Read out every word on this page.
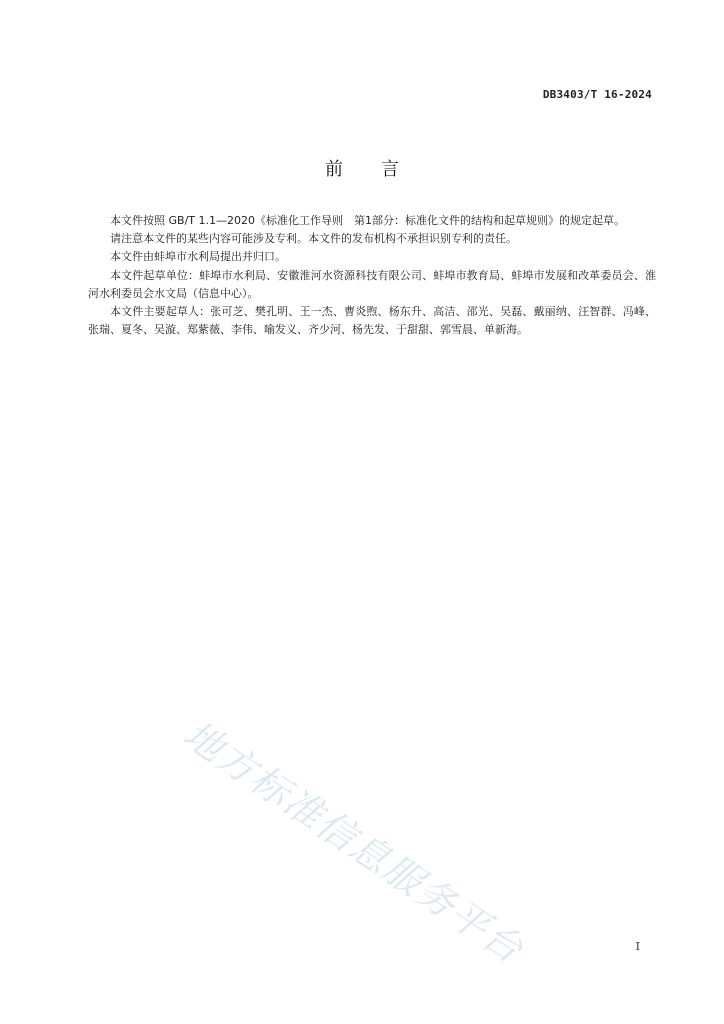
DB3403/T 16-2024
前言

本文件按照 GB/T 1.1—2020《标准化工作导则　第1部分：标准化文件的结构和起草规则》的规定起草。

请注意本文件的某些内容可能涉及专利。本文件的发布机构不承担识别专利的责任。

本文件由蚌埠市水利局提出并归口。

本文件起草单位：蚌埠市水利局、安徽淮河水资源科技有限公司、蚌埠市教育局、蚌埠市发展和改革委员会、淮河水利委员会水文局（信息中心）。

本文件主要起草人：张可芝、樊孔明、王一杰、曹炎煦、杨东升、高洁、邵光、吴磊、戴丽纳、汪智群、冯峰、张瑞、夏冬、吴漩、郑紫薇、李伟、喻发义、齐少河、杨先发、于甜甜、郭雪晨、单新海。

地方标准信息服务平台	I
